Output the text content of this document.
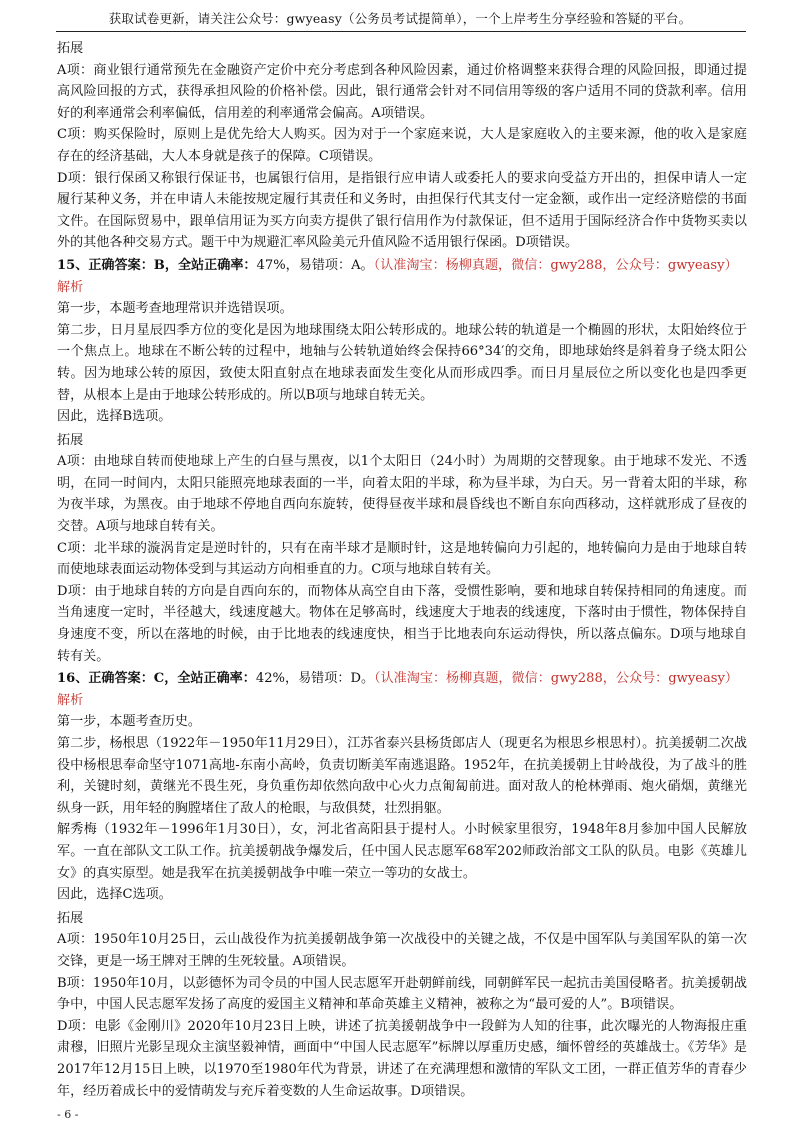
获取试卷更新，请关注公众号：gwyeasy（公务员考试提简单），一个上岸考生分享经验和答疑的平台。

拓展

A项：商业银行通常预先在金融资产定价中充分考虑到各种风险因素，通过价格调整来获得合理的风险回报，即通过提高风险回报的方式，获得承担风险的价格补偿。因此，银行通常会针对不同信用等级的客户适用不同的贷款利率。信用好的利率通常会利率偏低，信用差的利率通常会偏高。A项错误。

C项：购买保险时，原则上是优先给大人购买。因为对于一个家庭来说，大人是家庭收入的主要来源，他的收入是家庭存在的经济基础，大人本身就是孩子的保障。C项错误。

D项：银行保函又称银行保证书，也属银行信用，是指银行应申请人或委托人的要求向受益方开出的，担保申请人一定履行某种义务，并在申请人未能按规定履行其责任和义务时，由担保行代其支付一定金额，或作出一定经济赔偿的书面文件。在国际贸易中，跟单信用证为买方向卖方提供了银行信用作为付款保证，但不适用于国际经济合作中货物买卖以外的其他各种交易方式。题干中为规避汇率风险美元升值风险不适用银行保函。D项错误。

15、正确答案：B，全站正确率：47%，易错项：A。（认准淘宝：杨柳真题，微信：gwy288，公众号：gwyeasy）

解析

第一步，本题考查地理常识并选错误项。

第二步，日月星辰四季方位的变化是因为地球围绕太阳公转形成的。地球公转的轨道是一个椭圆的形状，太阳始终位于一个焦点上。地球在不断公转的过程中，地轴与公转轨道始终会保持66°34′的交角，即地球始终是斜着身子绕太阳公转。因为地球公转的原因，致使太阳直射点在地球表面发生变化从而形成四季。而日月星辰位之所以变化也是四季更替，从根本上是由于地球公转形成的。所以B项与地球自转无关。

因此，选择B选项。

拓展

A项：由地球自转而使地球上产生的白昼与黑夜，以1个太阳日（24小时）为周期的交替现象。由于地球不发光、不透明，在同一时间内，太阳只能照亮地球表面的一半，向着太阳的半球，称为昼半球，为白天。另一背着太阳的半球，称为夜半球，为黑夜。由于地球不停地自西向东旋转，使得昼夜半球和晨昏线也不断自东向西移动，这样就形成了昼夜的交替。A项与地球自转有关。

C项：北半球的漩涡肯定是逆时针的，只有在南半球才是顺时针，这是地转偏向力引起的，地转偏向力是由于地球自转而使地球表面运动物体受到与其运动方向相垂直的力。C项与地球自转有关。

D项：由于地球自转的方向是自西向东的，而物体从高空自由下落，受惯性影响，要和地球自转保持相同的角速度。而当角速度一定时，半径越大，线速度越大。物体在足够高时，线速度大于地表的线速度，下落时由于惯性，物体保持自身速度不变，所以在落地的时候，由于比地表的线速度快，相当于比地表向东运动得快，所以落点偏东。D项与地球自转有关。

16、正确答案：C，全站正确率：42%，易错项：D。（认准淘宝：杨柳真题，微信：gwy288，公众号：gwyeasy）

解析

第一步，本题考查历史。

第二步，杨根思（1922年－1950年11月29日），江苏省泰兴县杨货郎店人（现更名为根思乡根思村）。抗美援朝二次战役中杨根思奉命坚守1071高地-东南小高岭，负责切断美军南逃退路。1952年，在抗美援朝上甘岭战役，为了战斗的胜利，关键时刻，黄继光不畏生死，身负重伤却依然向敌中心火力点匍匐前进。面对敌人的枪林弹雨、炮火硝烟，黄继光纵身一跃，用年轻的胸膛堵住了敌人的枪眼，与敌俱焚，壮烈捐躯。

解秀梅（1932年－1996年1月30日），女，河北省高阳县于提村人。小时候家里很穷，1948年8月参加中国人民解放军。一直在部队文工队工作。抗美援朝战争爆发后，任中国人民志愿军68军202师政治部文工队的队员。电影《英雄儿女》的真实原型。她是我军在抗美援朝战争中唯一荣立一等功的女战士。

因此，选择C选项。

拓展

A项：1950年10月25日，云山战役作为抗美援朝战争第一次战役中的关键之战，不仅是中国军队与美国军队的第一次交锋，更是一场王牌对王牌的生死较量。A项错误。

B项：1950年10月，以彭德怀为司令员的中国人民志愿军开赴朝鲜前线，同朝鲜军民一起抗击美国侵略者。抗美援朝战争中，中国人民志愿军发扬了高度的爱国主义精神和革命英雄主义精神，被称之为“最可爱的人”。B项错误。

D项：电影《金刚川》2020年10月23日上映，讲述了抗美援朝战争中一段鲜为人知的往事，此次曝光的人物海报庄重肃穆，旧照片光影呈现众主演坚毅神情，画面中“中国人民志愿军”标牌以厚重历史感，缅怀曾经的英雄战士。《芳华》是2017年12月15日上映，以1970至1980年代为背景，讲述了在充满理想和激情的军队文工团，一群正值芳华的青春少年，经历着成长中的爱情萌发与充斥着变数的人生命运故事。D项错误。

- 6 -
